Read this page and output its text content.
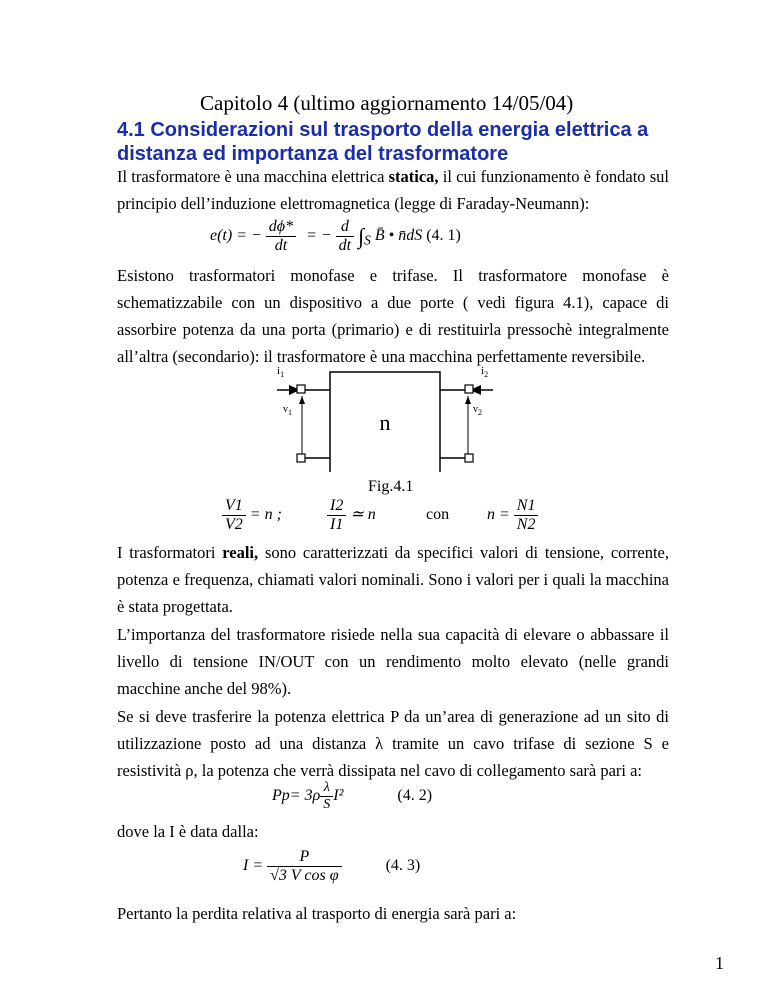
Capitolo 4 (ultimo aggiornamento 14/05/04)
4.1 Considerazioni sul trasporto della energia elettrica a
distanza ed importanza del trasformatore
Il trasformatore è una macchina elettrica statica, il cui funzionamento è fondato sul principio dell’induzione elettromagnetica (legge di Faraday-Neumann):
e(t) = − $\frac{d\phi*}{dt}$ = − $\frac{d}{dt} \int_S$ B̄ • n̄dS (4. 1)
Esistono trasformatori monofase e trifase. Il trasformatore monofase è schematizzabile con un dispositivo a due porte ( vedi figura 4.1), capace di assorbire potenza da una porta (primario) e di restituirla pressochè integralmente all’altra (secondario): il trasformatore è una macchina perfettamente reversibile.
n
$i_1$	$i_2$
$v_1$	$v_2$
Fig.4.1
$\frac{V1}{V2} = n$ ;	$\frac{I2}{I1}$ ≃ n	con $n = \frac{N1}{N2}$
I trasformatori reali, sono caratterizzati da specifici valori di tensione, corrente, potenza e frequenza, chiamati valori nominali. Sono i valori per i quali la macchina è stata progettata.
L’importanza del trasformatore risiede nella sua capacità di elevare o abbassare il livello di tensione IN/OUT con un rendimento molto elevato (nelle grandi macchine anche del 98%).
Se si deve trasferire la potenza elettrica P da un’area di generazione ad un sito di utilizzazione posto ad una distanza λ tramite un cavo trifase di sezione S e resistività ρ, la potenza che verrà dissipata nel cavo di collegamento sarà pari a:
$Pp= 3\rho \frac{\lambda}{S} I^2$	(4. 2)
dove la I è data dalla:
$I = \frac{P}{\text{√3 V cos φ}}$	(4. 3)
Pertanto la perdita relativa al trasporto di energia sarà pari a:
1
